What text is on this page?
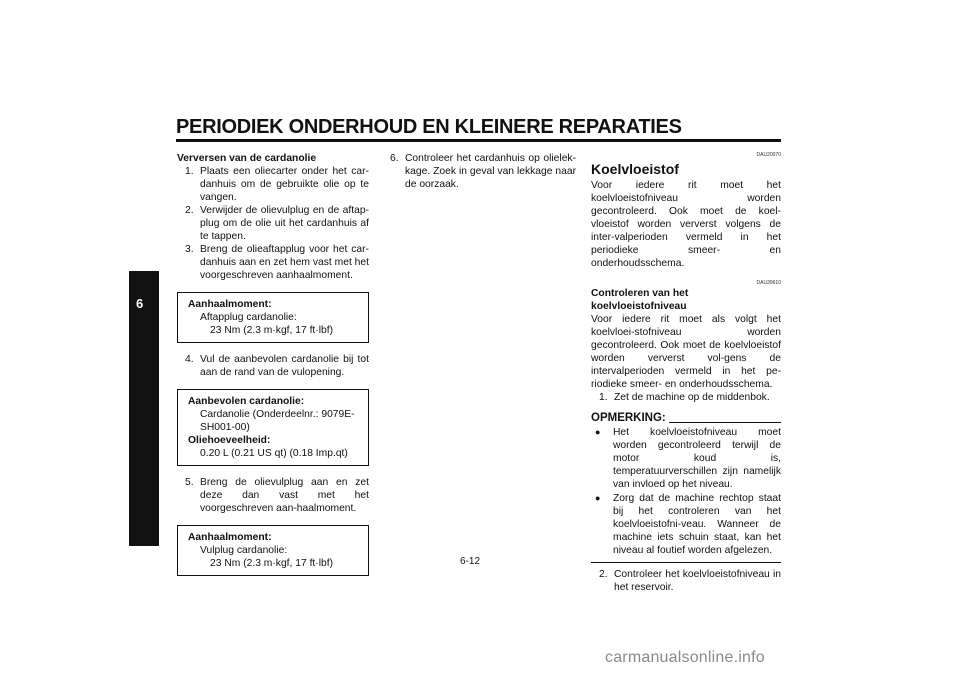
PERIODIEK ONDERHOUD EN KLEINERE REPARATIES
6

Verversen van de cardanolie

1. Plaats een oliecarter onder het car-danhuis om de gebruikte olie op te vangen.
2. Verwijder de olievulplug en de aftap-plug om de olie uit het cardanhuis af te tappen.
3. Breng de olieaftapplug voor het car-danhuis aan en zet hem vast met het voorgeschreven aanhaalmoment.
Aanhaalmoment:
Aftapplug cardanolie:
23 Nm (2.3 m·kgf, 17 ft·lbf)
4. Vul de aanbevolen cardanolie bij tot aan de rand van de vulopening.
Aanbevolen cardanolie:
Cardanolie (Onderdeelnr.: 9079E-SH001-00)
Oliehoeveelheid:
0.20 L (0.21 US qt) (0.18 Imp.qt)
5. Breng de olievulplug aan en zet deze dan vast met het voorgeschreven aan-haalmoment.
Aanhaalmoment:
Vulplug cardanolie:
23 Nm (2.3 m·kgf, 17 ft·lbf)
6. Controleer het cardanhuis op olielek-kage. Zoek in geval van lekkage naar de oorzaak.
DAU20070
Koelvloeistof

Voor iedere rit moet het koelvloeistofniveau worden gecontroleerd. Ook moet de koel-vloeistof worden ververst volgens de inter-valperioden vermeld in het periodieke smeer- en onderhoudsschema.

DAU39610
Controleren van het koelvloeistofniveau

Voor iedere rit moet als volgt het koelvloei-stofniveau worden gecontroleerd. Ook moet de koelvloeistof worden ververst vol-gens de intervalperioden vermeld in het pe-riodieke smeer- en onderhoudsschema.

1. Zet de machine op de middenbok.
OPMERKING:
●	Het koelvloeistofniveau moet worden gecontroleerd terwijl de motor koud is, temperatuurverschillen zijn namelijk van invloed op het niveau.
●	Zorg dat de machine rechtop staat bij het controleren van het koelvloeistofni-veau. Wanneer de machine iets schuin staat, kan het niveau al foutief worden afgelezen.
2. Controleer het koelvloeistofniveau in het reservoir.
6-12
carmanualsonline.info
